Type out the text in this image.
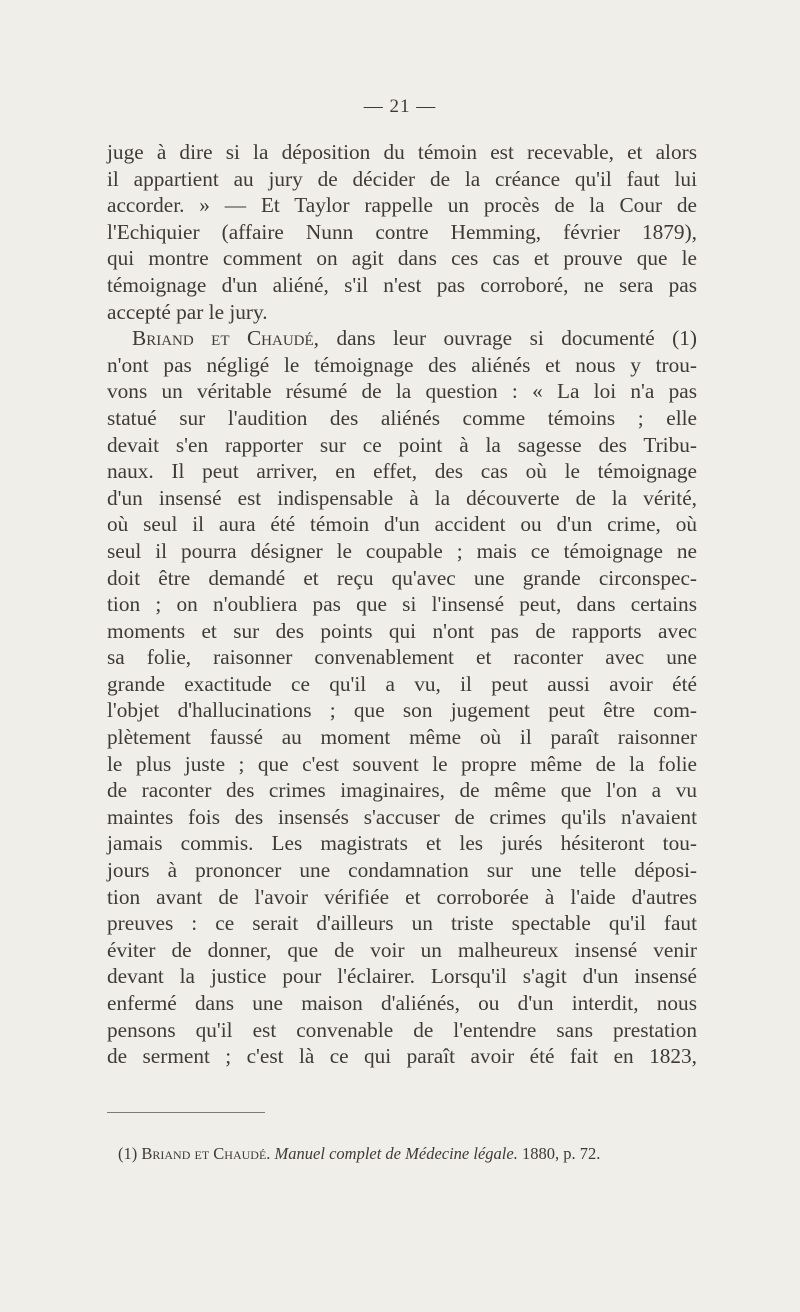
— 21 —
juge à dire si la déposition du témoin est recevable, et alors
il appartient au jury de décider de la créance qu'il faut lui
accorder. » — Et Taylor rappelle un procès de la Cour de
l'Echiquier (affaire Nunn contre Hemming, février 1879),
qui montre comment on agit dans ces cas et prouve que le
témoignage d'un aliéné, s'il n'est pas corroboré, ne sera pas
accepté par le jury.
Briand et Chaudé, dans leur ouvrage si documenté (1)
n'ont pas négligé le témoignage des aliénés et nous y trou-
vons un véritable résumé de la question : « La loi n'a pas
statué sur l'audition des aliénés comme témoins ; elle
devait s'en rapporter sur ce point à la sagesse des Tribu-
naux. Il peut arriver, en effet, des cas où le témoignage
d'un insensé est indispensable à la découverte de la vérité,
où seul il aura été témoin d'un accident ou d'un crime, où
seul il pourra désigner le coupable ; mais ce témoignage ne
doit être demandé et reçu qu'avec une grande circonspec-
tion ; on n'oubliera pas que si l'insensé peut, dans certains
moments et sur des points qui n'ont pas de rapports avec
sa folie, raisonner convenablement et raconter avec une
grande exactitude ce qu'il a vu, il peut aussi avoir été
l'objet d'hallucinations ; que son jugement peut être com-
plètement faussé au moment même où il paraît raisonner
le plus juste ; que c'est souvent le propre même de la folie
de raconter des crimes imaginaires, de même que l'on a vu
maintes fois des insensés s'accuser de crimes qu'ils n'avaient
jamais commis. Les magistrats et les jurés hésiteront tou-
jours à prononcer une condamnation sur une telle déposi-
tion avant de l'avoir vérifiée et corroborée à l'aide d'autres
preuves : ce serait d'ailleurs un triste spectable qu'il faut
éviter de donner, que de voir un malheureux insensé venir
devant la justice pour l'éclairer. Lorsqu'il s'agit d'un insensé
enfermé dans une maison d'aliénés, ou d'un interdit, nous
pensons qu'il est convenable de l'entendre sans prestation
de serment ; c'est là ce qui paraît avoir été fait en 1823,
(1) Briand et Chaudé. Manuel complet de Médecine légale. 1880, p. 72.
